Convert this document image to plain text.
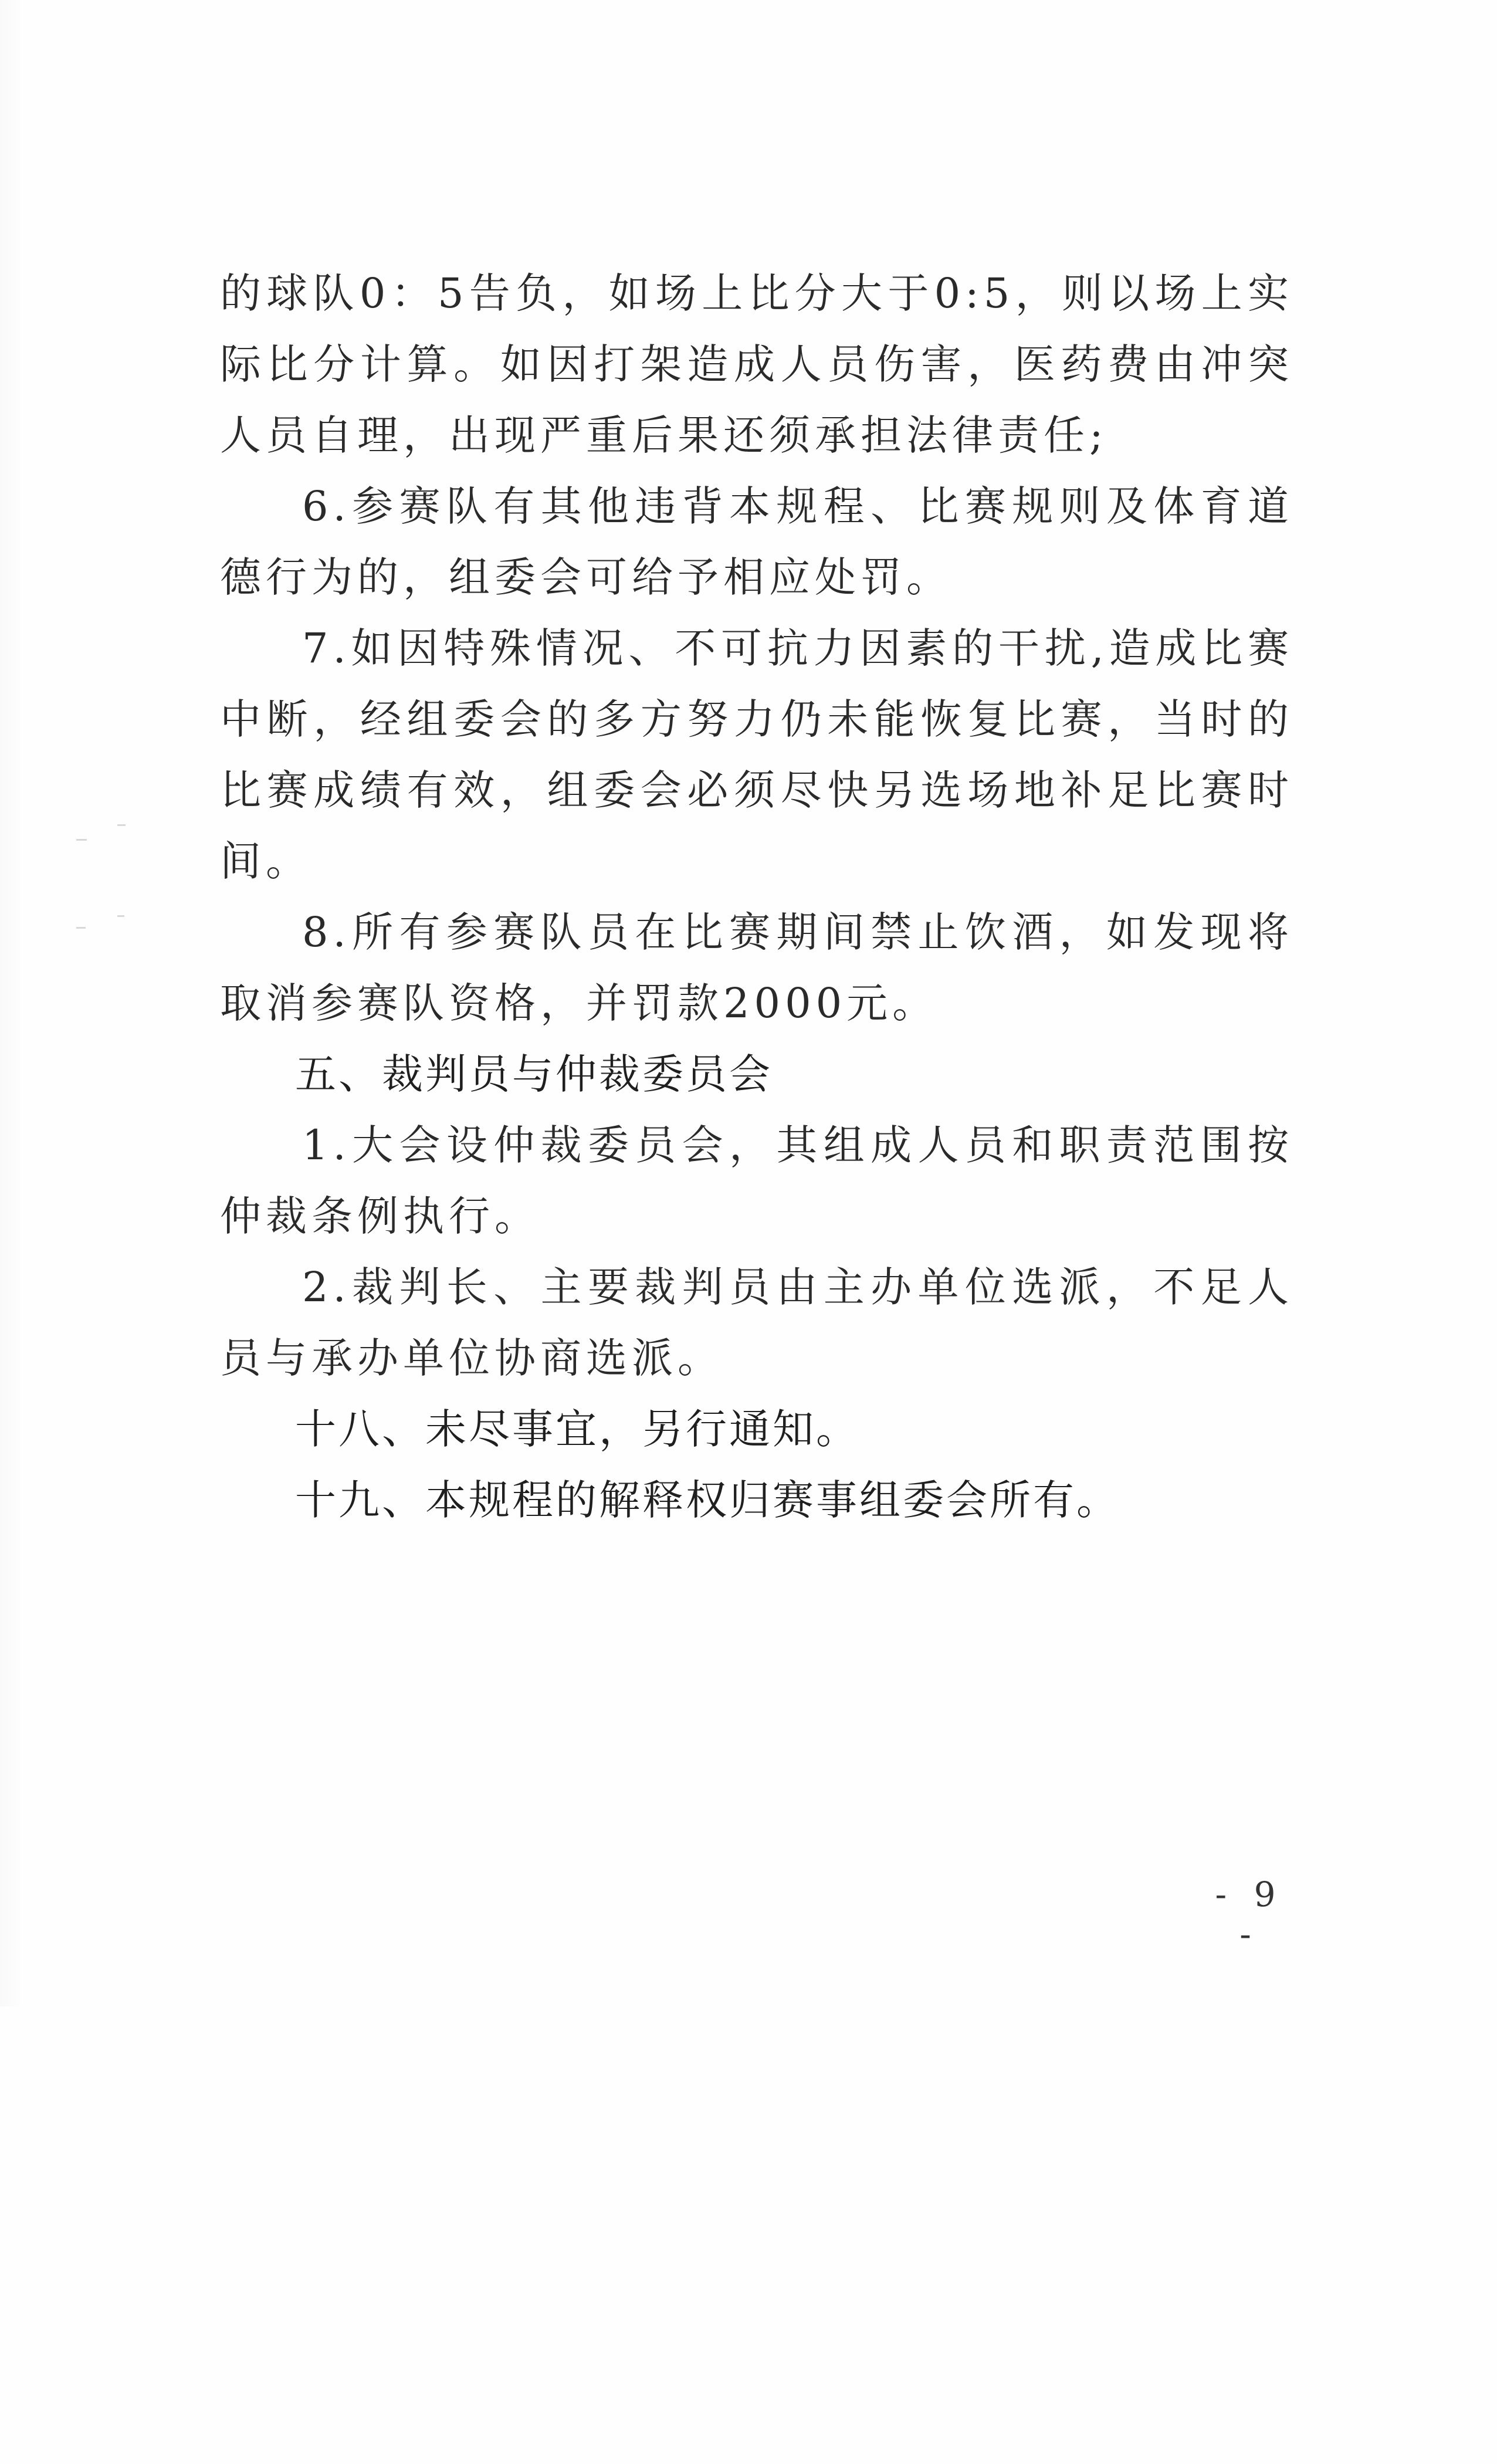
的球队0：5告负，如场上比分大于0:5，则以场上实际比分计算。如因打架造成人员伤害，医药费由冲突人员自理，出现严重后果还须承担法律责任;

6.参赛队有其他违背本规程、比赛规则及体育道德行为的，组委会可给予相应处罚。

7.如因特殊情况、不可抗力因素的干扰,造成比赛中断，经组委会的多方努力仍未能恢复比赛，当时的比赛成绩有效，组委会必须尽快另选场地补足比赛时间。

8.所有参赛队员在比赛期间禁止饮酒，如发现将取消参赛队资格，并罚款2000元。

五、裁判员与仲裁委员会

1.大会设仲裁委员会，其组成人员和职责范围按仲裁条例执行。

2.裁判长、主要裁判员由主办单位选派，不足人员与承办单位协商选派。

十八、未尽事宜，另行通知。

十九、本规程的解释权归赛事组委会所有。

- 9 -
